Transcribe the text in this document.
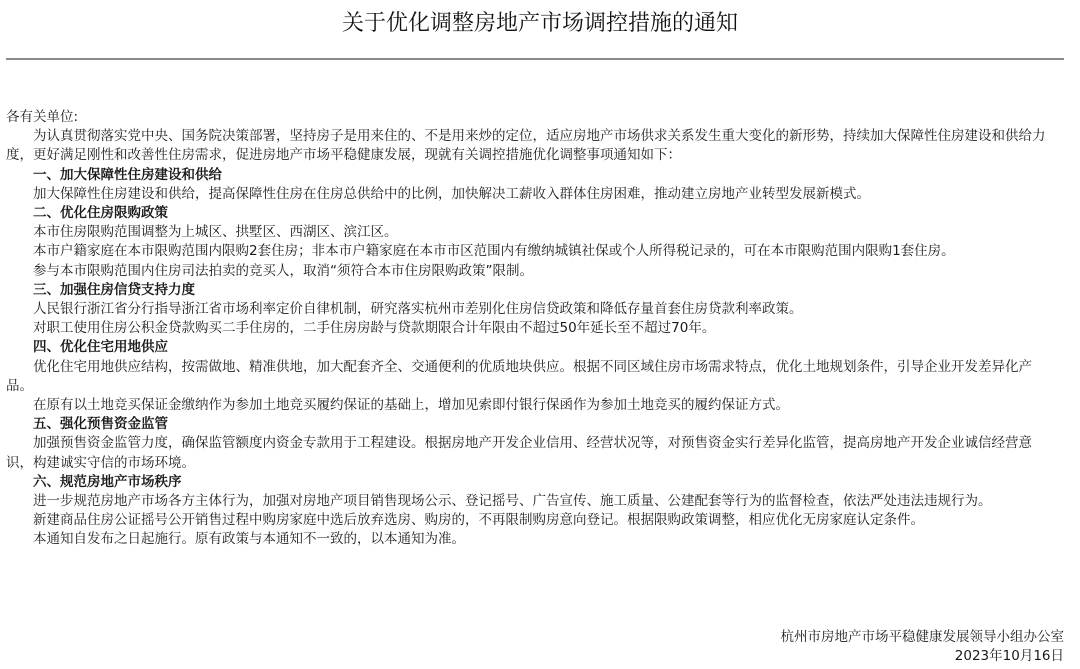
关于优化调整房地产市场调控措施的通知

各有关单位:

为认真贯彻落实党中央、国务院决策部署，坚持房子是用来住的、不是用来炒的定位，适应房地产市场供求关系发生重大变化的新形势，持续加大保障性住房建设和供给力度，更好满足刚性和改善性住房需求，促进房地产市场平稳健康发展，现就有关调控措施优化调整事项通知如下：

一、加大保障性住房建设和供给

加大保障性住房建设和供给，提高保障性住房在住房总供给中的比例，加快解决工薪收入群体住房困难，推动建立房地产业转型发展新模式。

二、优化住房限购政策

本市住房限购范围调整为上城区、拱墅区、西湖区、滨江区。

本市户籍家庭在本市限购范围内限购2套住房；非本市户籍家庭在本市市区范围内有缴纳城镇社保或个人所得税记录的，可在本市限购范围内限购1套住房。

参与本市限购范围内住房司法拍卖的竞买人，取消“须符合本市住房限购政策”限制。

三、加强住房信贷支持力度

人民银行浙江省分行指导浙江省市场利率定价自律机制，研究落实杭州市差别化住房信贷政策和降低存量首套住房贷款利率政策。

对职工使用住房公积金贷款购买二手住房的，二手住房房龄与贷款期限合计年限由不超过50年延长至不超过70年。

四、优化住宅用地供应

优化住宅用地供应结构，按需做地、精准供地，加大配套齐全、交通便利的优质地块供应。根据不同区域住房市场需求特点，优化土地规划条件，引导企业开发差异化产品。

在原有以土地竞买保证金缴纳作为参加土地竞买履约保证的基础上，增加见索即付银行保函作为参加土地竞买的履约保证方式。

五、强化预售资金监管

加强预售资金监管力度，确保监管额度内资金专款用于工程建设。根据房地产开发企业信用、经营状况等，对预售资金实行差异化监管，提高房地产开发企业诚信经营意识，构建诚实守信的市场环境。

六、规范房地产市场秩序

进一步规范房地产市场各方主体行为，加强对房地产项目销售现场公示、登记摇号、广告宣传、施工质量、公建配套等行为的监督检查，依法严处违法违规行为。

新建商品住房公证摇号公开销售过程中购房家庭中选后放弃选房、购房的，不再限制购房意向登记。根据限购政策调整，相应优化无房家庭认定条件。

本通知自发布之日起施行。原有政策与本通知不一致的，以本通知为准。

杭州市房地产市场平稳健康发展领导小组办公室
2023年10月16日
